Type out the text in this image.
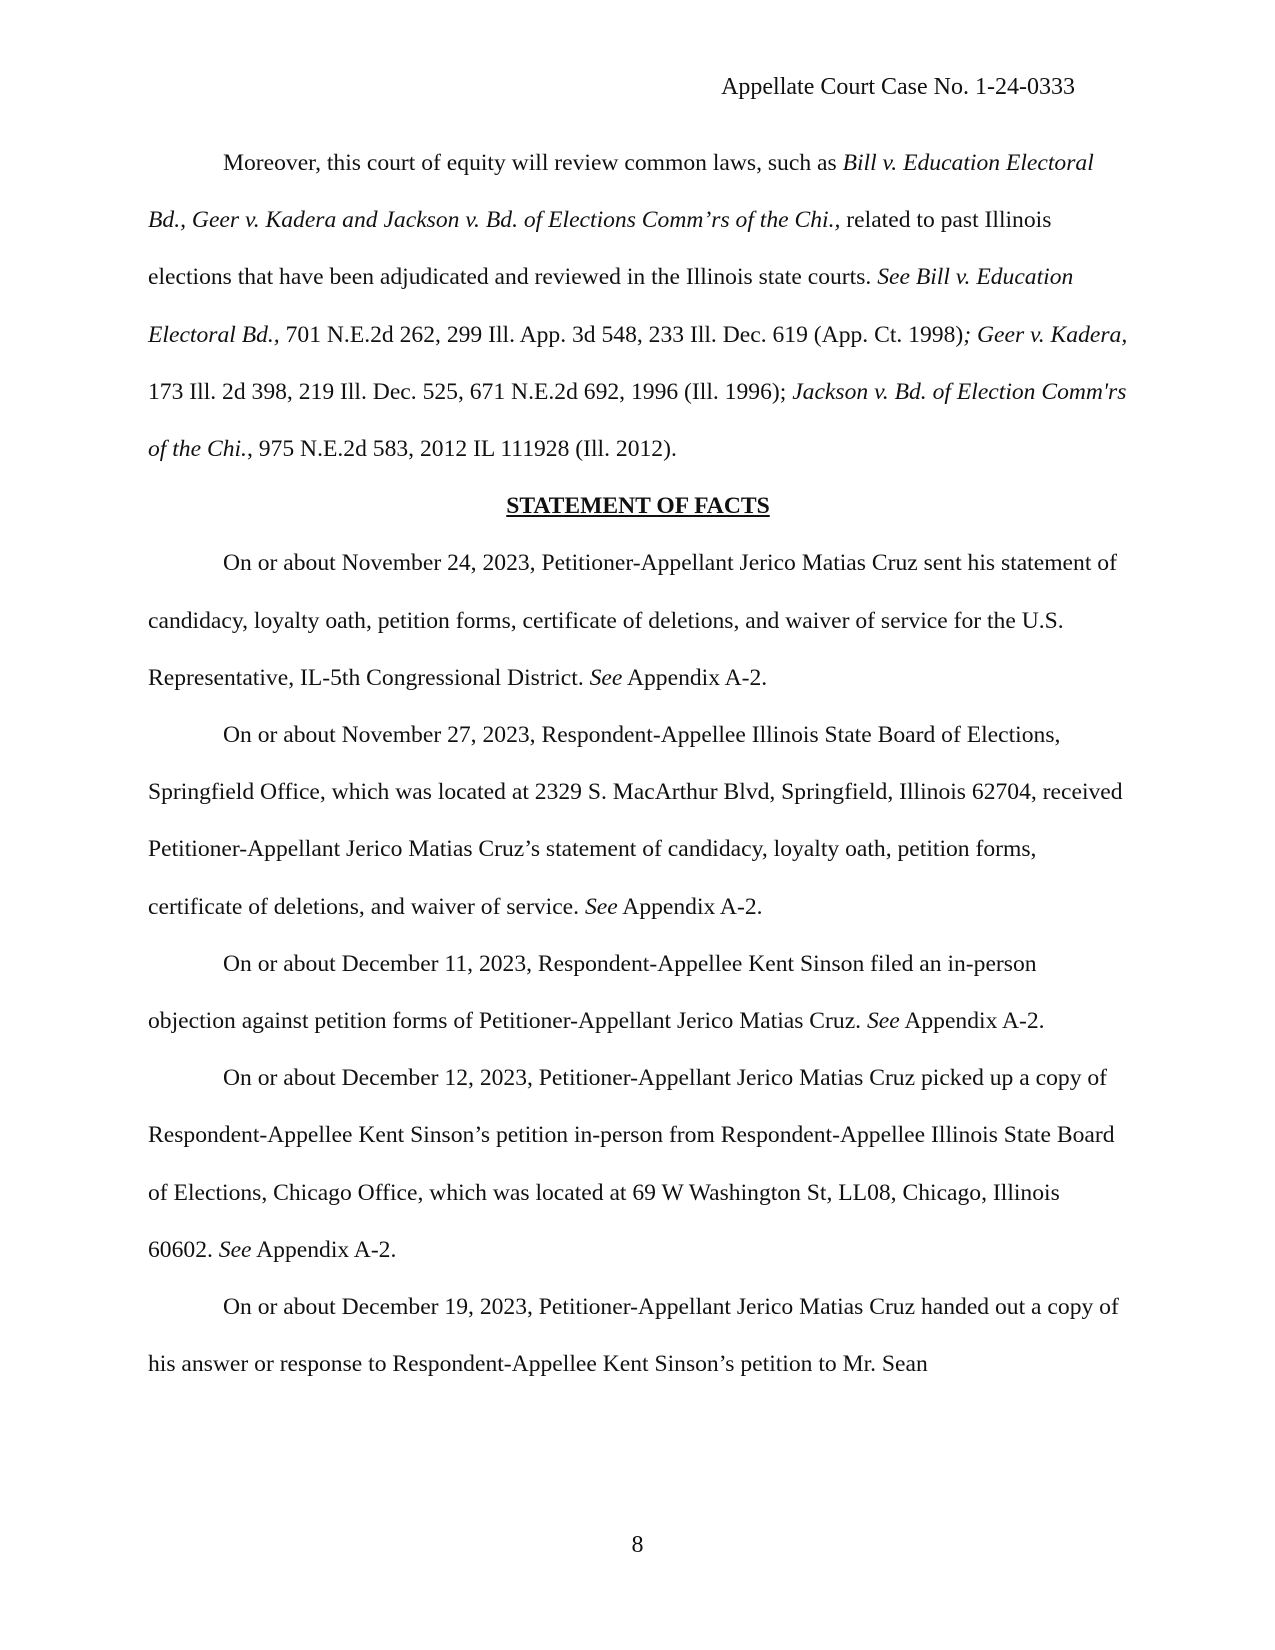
Appellate Court Case No. 1-24-0333

Moreover, this court of equity will review common laws, such as Bill v. Education Electoral Bd., Geer v. Kadera and Jackson v. Bd. of Elections Comm’rs of the Chi., related to past Illinois elections that have been adjudicated and reviewed in the Illinois state courts. See Bill v. Education Electoral Bd., 701 N.E.2d 262, 299 Ill. App. 3d 548, 233 Ill. Dec. 619 (App. Ct. 1998); Geer v. Kadera, 173 Ill. 2d 398, 219 Ill. Dec. 525, 671 N.E.2d 692, 1996 (Ill. 1996); Jackson v. Bd. of Election Comm'rs of the Chi., 975 N.E.2d 583, 2012 IL 111928 (Ill. 2012).

STATEMENT OF FACTS

On or about November 24, 2023, Petitioner-Appellant Jerico Matias Cruz sent his statement of candidacy, loyalty oath, petition forms, certificate of deletions, and waiver of service for the U.S. Representative, IL-5th Congressional District. See Appendix A-2.

On or about November 27, 2023, Respondent-Appellee Illinois State Board of Elections, Springfield Office, which was located at 2329 S. MacArthur Blvd, Springfield, Illinois 62704, received Petitioner-Appellant Jerico Matias Cruz’s statement of candidacy, loyalty oath, petition forms, certificate of deletions, and waiver of service. See Appendix A-2.

On or about December 11, 2023, Respondent-Appellee Kent Sinson filed an in-person objection against petition forms of Petitioner-Appellant Jerico Matias Cruz. See Appendix A-2.

On or about December 12, 2023, Petitioner-Appellant Jerico Matias Cruz picked up a copy of Respondent-Appellee Kent Sinson’s petition in-person from Respondent-Appellee Illinois State Board of Elections, Chicago Office, which was located at 69 W Washington St, LL08, Chicago, Illinois 60602. See Appendix A-2.

On or about December 19, 2023, Petitioner-Appellant Jerico Matias Cruz handed out a copy of his answer or response to Respondent-Appellee Kent Sinson’s petition to Mr. Sean

8
